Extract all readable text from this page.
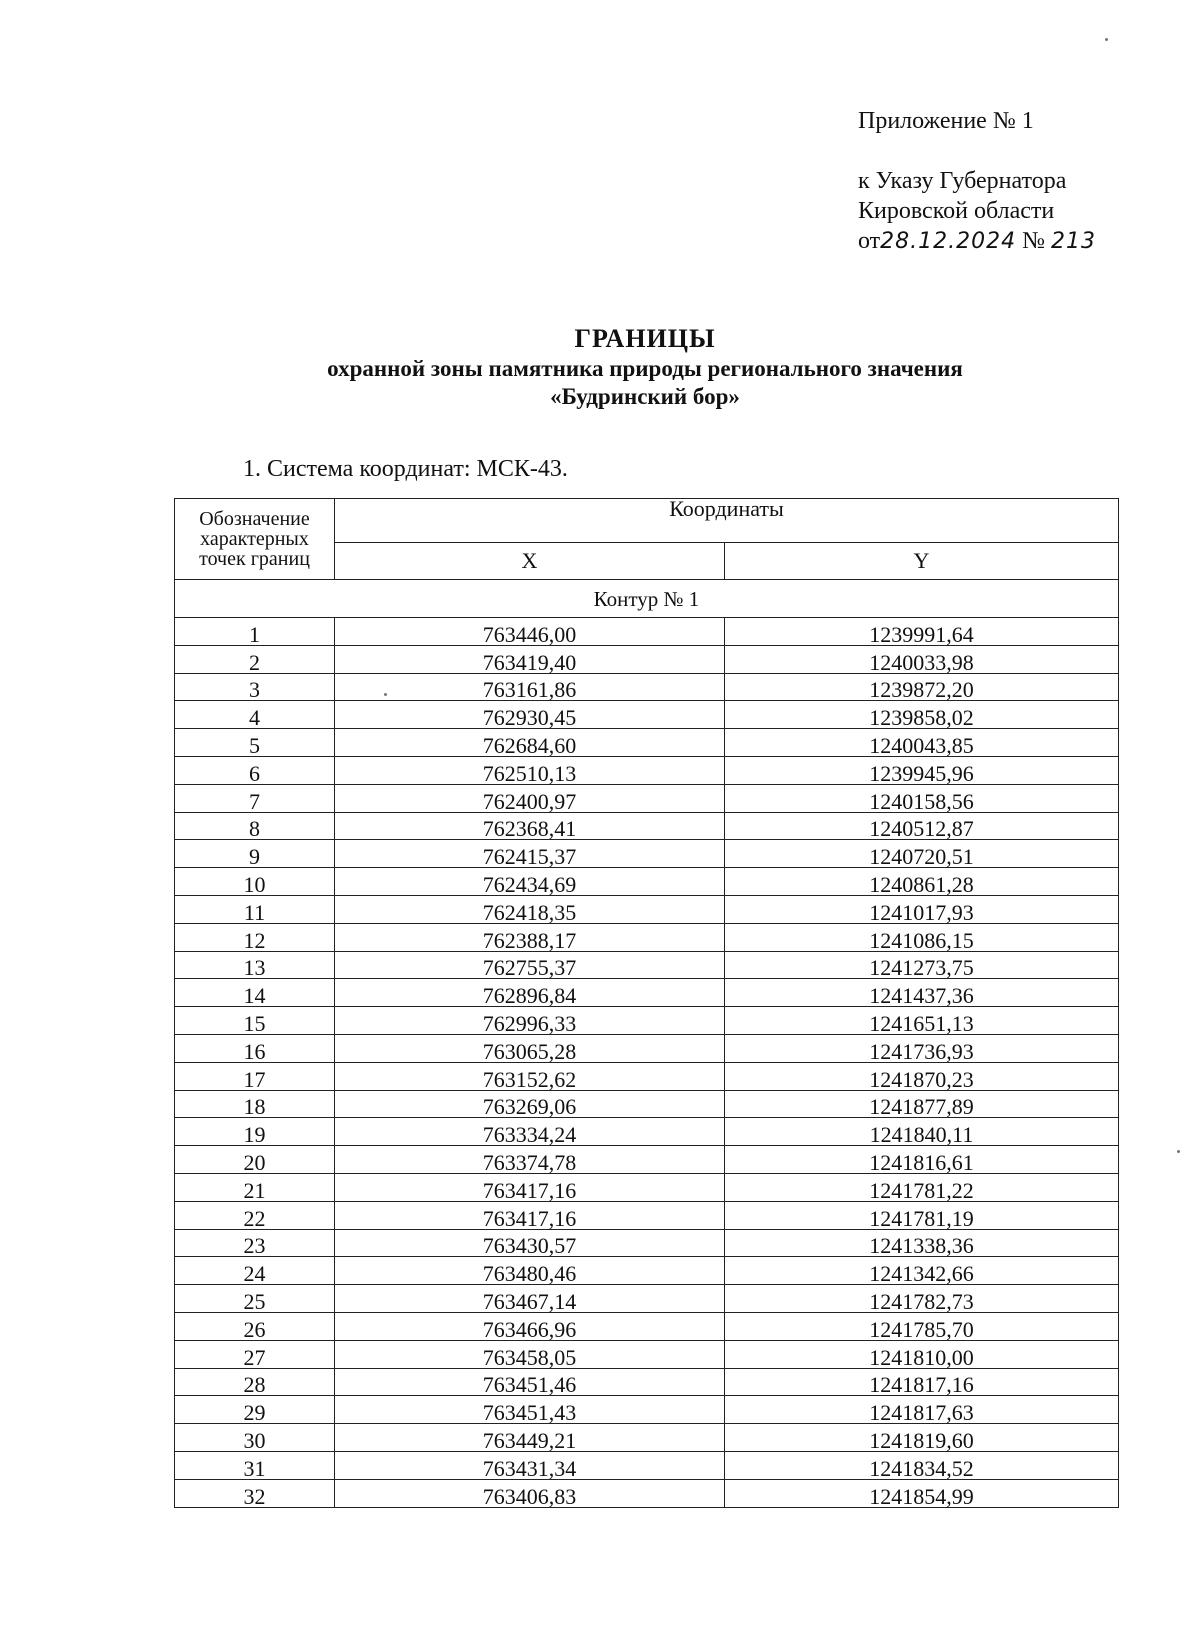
Приложение № 1
к Указу Губернатора
Кировской области
от28.12.2024 № 213
ГРАНИЦЫ
охранной зоны памятника природы регионального значения
«Будринский бор»
1. Система координат: МСК-43.
Обозначение характерных точек границ	Координаты	
	X	Y
Контур № 1		
1	763446,00	1239991,64
2	763419,40	1240033,98
3	763161,86	1239872,20
4	762930,45	1239858,02
5	762684,60	1240043,85
6	762510,13	1239945,96
7	762400,97	1240158,56
8	762368,41	1240512,87
9	762415,37	1240720,51
10	762434,69	1240861,28
11	762418,35	1241017,93
12	762388,17	1241086,15
13	762755,37	1241273,75
14	762896,84	1241437,36
15	762996,33	1241651,13
16	763065,28	1241736,93
17	763152,62	1241870,23
18	763269,06	1241877,89
19	763334,24	1241840,11
20	763374,78	1241816,61
21	763417,16	1241781,22
22	763417,16	1241781,19
23	763430,57	1241338,36
24	763480,46	1241342,66
25	763467,14	1241782,73
26	763466,96	1241785,70
27	763458,05	1241810,00
28	763451,46	1241817,16
29	763451,43	1241817,63
30	763449,21	1241819,60
31	763431,34	1241834,52
32	763406,83	1241854,99
